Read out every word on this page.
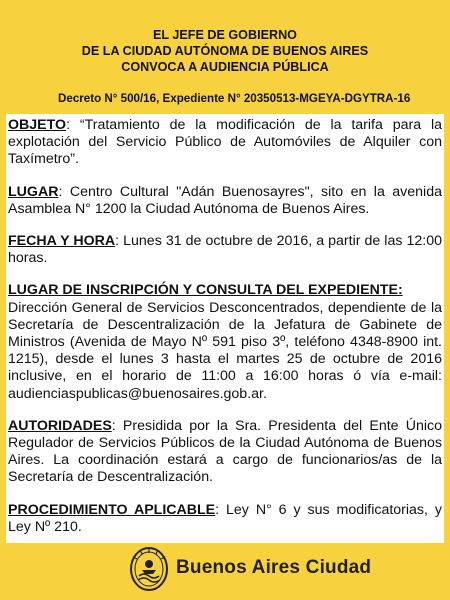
EL JEFE DE GOBIERNO
DE LA CIUDAD AUTÓNOMA DE BUENOS AIRES
CONVOCA A AUDIENCIA PÚBLICA
Decreto N° 500/16, Expediente N° 20350513-MGEYA-DGYTRA-16

OBJETO: “Tratamiento de la modificación de la tarifa para la explotación del Servicio Público de Automóviles de Alquiler con Taxímetro”.

LUGAR: Centro Cultural "Adán Buenosayres", sito en la avenida Asamblea N° 1200 la Ciudad Autónoma de Buenos Aires.

FECHA Y HORA: Lunes 31 de octubre de 2016, a partir de las 12:00 horas.

LUGAR DE INSCRIPCIÓN Y CONSULTA DEL EXPEDIENTE:
Dirección General de Servicios Desconcentrados, dependiente de la Secretaría de Descentralización de la Jefatura de Gabinete de Ministros (Avenida de Mayo Nº 591 piso 3º, teléfono 4348-8900 int. 1215), desde el lunes 3 hasta el martes 25 de octubre de 2016 inclusive, en el horario de 11:00 a 16:00 horas ó vía e-mail: audienciaspublicas@buenosaires.gob.ar.

AUTORIDADES: Presidida por la Sra. Presidenta del Ente Único Regulador de Servicios Públicos de la Ciudad Autónoma de Buenos Aires. La coordinación estará a cargo de funcionarios/as de la Secretaría de Descentralización.

PROCEDIMIENTO APLICABLE: Ley N° 6 y sus modificatorias, y Ley Nº 210.

Buenos Aires Ciudad
